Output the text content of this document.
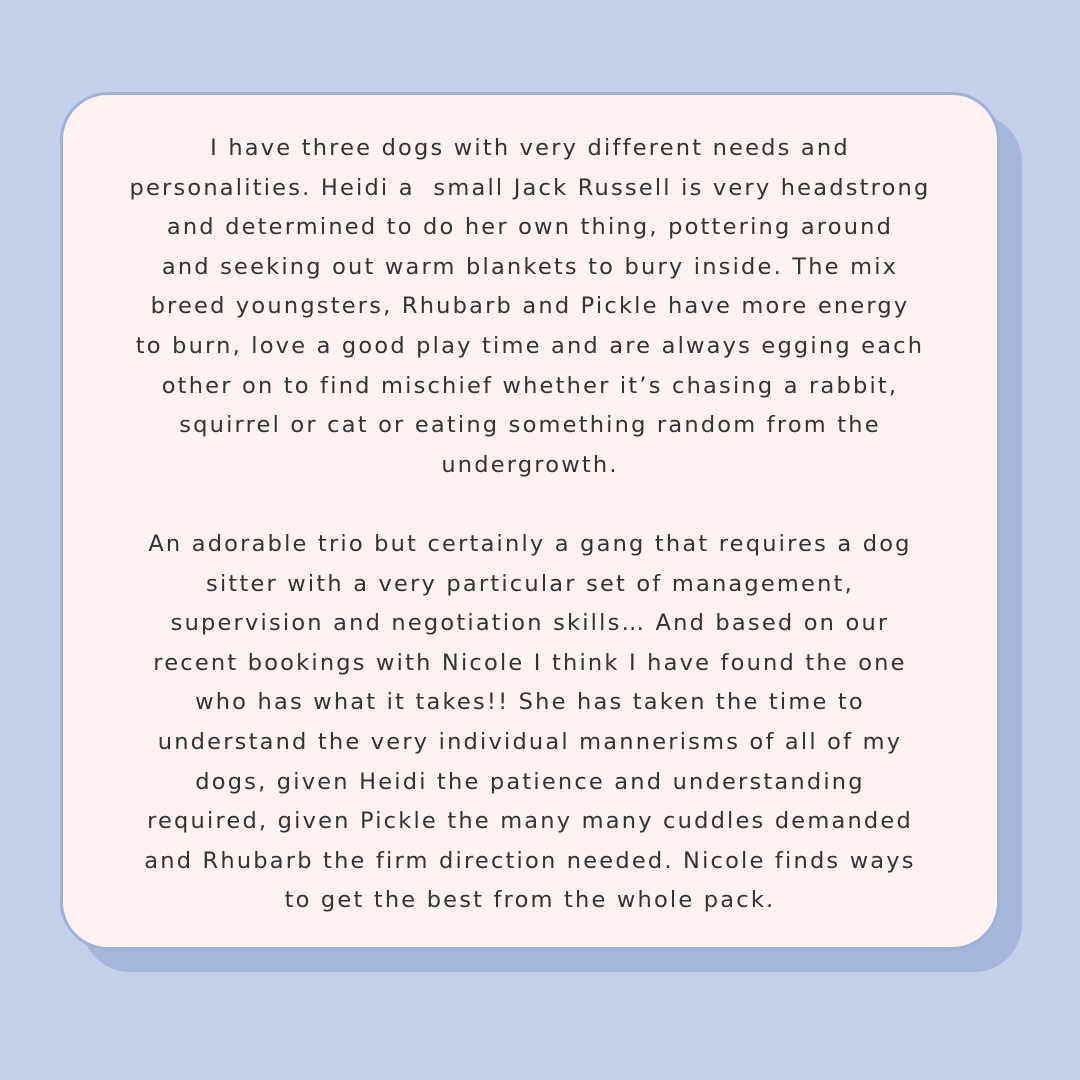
I have three dogs with very different needs and
personalities. Heidi a  small Jack Russell is very headstrong
and determined to do her own thing, pottering around
and seeking out warm blankets to bury inside. The mix
breed youngsters, Rhubarb and Pickle have more energy
to burn, love a good play time and are always egging each
other on to find mischief whether it’s chasing a rabbit,
squirrel or cat or eating something random from the
undergrowth.
An adorable trio but certainly a gang that requires a dog
sitter with a very particular set of management,
supervision and negotiation skills… And based on our
recent bookings with Nicole I think I have found the one
who has what it takes!! She has taken the time to
understand the very individual mannerisms of all of my
dogs, given Heidi the patience and understanding
required, given Pickle the many many cuddles demanded
and Rhubarb the firm direction needed. Nicole finds ways
to get the best from the whole pack.
